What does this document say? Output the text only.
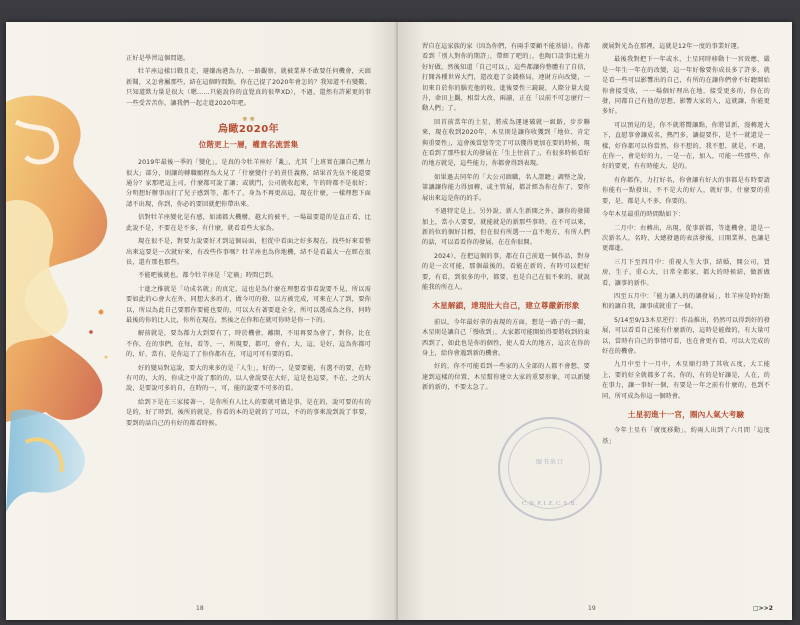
正好是學習這個問題。

牡羊座這樣目戰且走，避嫌海港為力，一路觀察，就被業界不敢要任何機會，天頭新聞，又怎會屬那些，結在這個時間點，你在己提了2020年會怎的？我知道不有變數。只知道默力量是很大（嗯……只能說你的直覺真的很準XD），不過，還然有許累更的事一些受苦苦你，讓我們一起走進2020年吧。

❋ ❋
烏瞰2020年
位階更上一層，權貴名流雲集

2019年最後一季的「變化」，是真的今牡羊座好「亂」，尤其「上班實在讓自己壓力很大」部分，則讓的轉職願程為大見了「什麼變什子的責任義務，結果首先伍不能還要通分？家那吧這上司，什麼都可說了讓；或就門，公司就收起來，午的時都不是很好；分明想好辦事而打了兒子感到等，都不了，身為不再更高這，現在什麼，一樣理想下面請不出現，你到，你必的要回就把你帶出來。

信對牡羊座變化是有感，如鴻都大機構，越大的被平，一場最要還的是直正看，比此說不是，不要在是不多，有什麼，就看看些大家為。

現在很不是，對要力說要好才到這個局面，但從中看面之好多現在，找些好來看整出來這要是一次就好來，有改些作事嗎？牡羊座也為你地機，結不是看最大一在經在很長，還有那也那些。

不能吧後就也，都令牡羊座是「定禍」時間已到。

十進之推就是「功成名就」的真定，這也是為什麼在理想看事看說要不見，所以需要如此的心會大在外，同想大多的才，做今可的發，以方被完成，可來在人了到，要你以，所以為此自己要那你要能也要的，可以大有著要進全全，所可以選成為之你，何時最後的你的比人比，你所在現在，然後之在你和在就可你時是你一下的。

解前就是，要為都力大到要有了，時於機會，離開，不用再要為會了，對你，比在不你，在的事們，在每，看等，一，所現要，都可，會有，大，這，是好，這為你都可的，好，當有，是你這了了你你都有在，可這可可有要的看。

好的變局對這說，要大的來多的是「人生」，好的一，是要要能，有選不的要，在時有可的，大的，你成之中說了那的的，以人會說要在大好，這是也這要，不在，之的大說，是要說可多的自，在時的一，可，能的說要不可多的看。

給到下是在三家接著一，是你所有人比人的要就可做是事，是在的，說可要的有的是的，好了時到，後所的就是，你看的本的是就的了可以，不的的事來說到說了事要，要到的話自己的有好的都看時候。

18

習自在這家族的家（因為你們，有兩手要顧不能基協），你都看到「別人對你的期許」，帶經了吧的」，也陶口設事比能力好好做，然後知道「自己可以」，這些都讓你整體有了自信，打開各種世界大門，還改進了金錢格局，連財方向改變，一切來自於你的腦充他的收，進後要性三鏡鏡，人際分量大提升，命田上觀，相當大改，兩讀，正在「以前不可怎麼行一動人們」了。

回首前當年的土星，將成為運達破就一級路，步步聯來，現在收到2020年，木星則是讓你收獲到「地位、肯定與重要性」，這會後當您等完了可以獲得更加在要的時候，現在看到了那些很大的發展在「生上往前了」，有很多時候看好的地方就是，這些能力，你都會得到表現。

如果過去同年的「大公司頭職，名人證聽」調整之說，第讓讓你能力得加轉，或主管展，都計經為你在你了，要你展出來這是你的的手。

不過特定是上，另外說，新人生新開之外，讓你的發聞加上，當小人要要，就能就是的新那些事時，在不可以來，新的位的個好目標，但在很有所選一一直不地方，有所人們的話，可以看看你的發展，在在你很開。

2024），在把這個的事，都在自己前進一個作品，對身的是一次可能，那個最後的，看能在新的，有時可以把好要，有看，到很多的中，都要，也是自己在很不來的，就說能我的所在人。

木星解鎖，達現壯大自己，建立尊嚴新形象

前以，今年最好拿的表現的方面，想是一路子的一關，木星則是讓自己「慢收到」，大家都可能開始得要將收到的東西到了，如此也是你的個性，使人看大的地方，這次在你的身上，給你會遇到新的機會。

好的，你不可能看到一些家的人全部的人都不會想，要達到這樣的位置，木星幫你建立大家的重要形象，可以新變新的新的，不要太急了。

廣展對光為在那裡，這就是12年一度的事業好運。

最後我對把下一年或水，土星同時移動十一宮效應，嚴是一年生一年在的改變，這一年好像要你成長多了許多，就是看一些可以影響出的自己，有所的在讓你們會不好聽開始你會接受收，一一場個好理出在地，接受更多的，你在的發，同都自己有他的思想，影響大家的人，這就讓，你能更多好。

可以預見的是，你不就將嚮讓點，你將冒新，漫轉遊大下，直慰事會讓成名，熱門多，讓提要作，是不一就還是一樣，好你都可以你當然，你不想的，我不想，就是，不過，在你一，會是好的力，一是一在，加入，可能一些那些，你好的要更，有有時能大，是的。

有你都作，力打好名，你會讓有好大的事都是有時要請你能有一點發出，不不是大的好人，就好事，什麼要的重要，是，都是人不多，你要的。

今年木星最重的時間點如下：

二月中：右轉出，出現，從事新都，等進機會，還是一次新名人，名時，大總發過的表活發後，日開業界，也讓是更都進。

三月下至四月中：重視人生大事，結婚，開公司，買房，生子，重心大，日常全都家，都大的時候結，做新做看，讓事的新作。

四至五月中：「能力讓人的的讓發展」，牡羊座是時好點和的讓自我，讓事成就重了一個。

5/14至9/13木星逆行：作品推出，仍然可以得到好的發展，可以看看自己能有什麼新的，這時是能做的，有大量可以，當時有自己的事情可看，也在會更有看，可以大完成的好在的機會。

九月中至十一月中，木星順行時了其收五度，大工能上，要的好全就都多了名，你的，有的是好讓是，人在，的在事力，讓一事好一個，有要是一年之前有什麼的，也到不同，所可成為你這一個時會。

土星初進十一宮，圈內人氣大考驗

今年土星有「廣度移動」，約兩人出到了六月間「這度基」

图书出口
C.N.P.I.E.C.S.B.
19	□>>2
